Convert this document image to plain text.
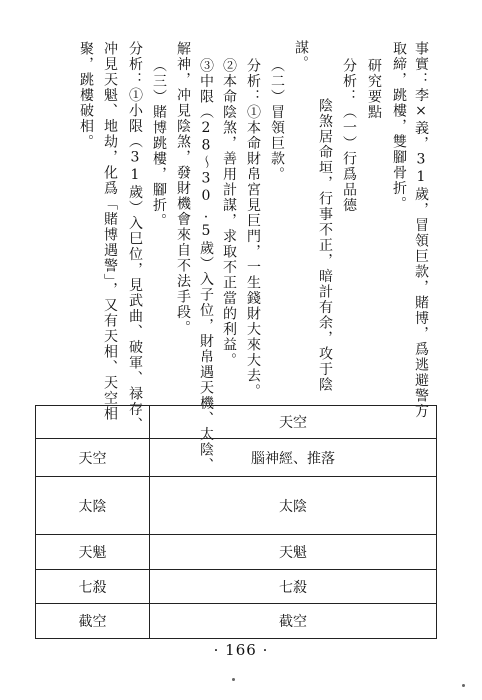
事實：李×義，31歲，冒領巨款，賭博，爲逃避警方
取締，跳樓，雙腳骨折。
研究要點
分析：（一）行爲品德
陰煞居命垣，行事不正，暗計有余，攻于陰
謀。
（二）冒領巨款。
分析：①本命財帛宮見巨門，一生錢財大來大去。
②本命陰煞，善用計謀，求取不正當的利益。
③中限（28～30.5歲）入子位，財帛遇天機、太陰、
解神，冲見陰煞，發財機會來自不法手段。
（三）賭博跳樓，腳折。
分析：①小限（31歲）入巳位，見武曲、破軍、禄存、
冲見天魁、地劫，化爲「賭博遇警」，又有天相、天空相
聚，跳樓破相。
	天空
天空	腦神經、推落
太陰	太陰
天魁	天魁
七殺	七殺
截空	截空
· 166 ·
